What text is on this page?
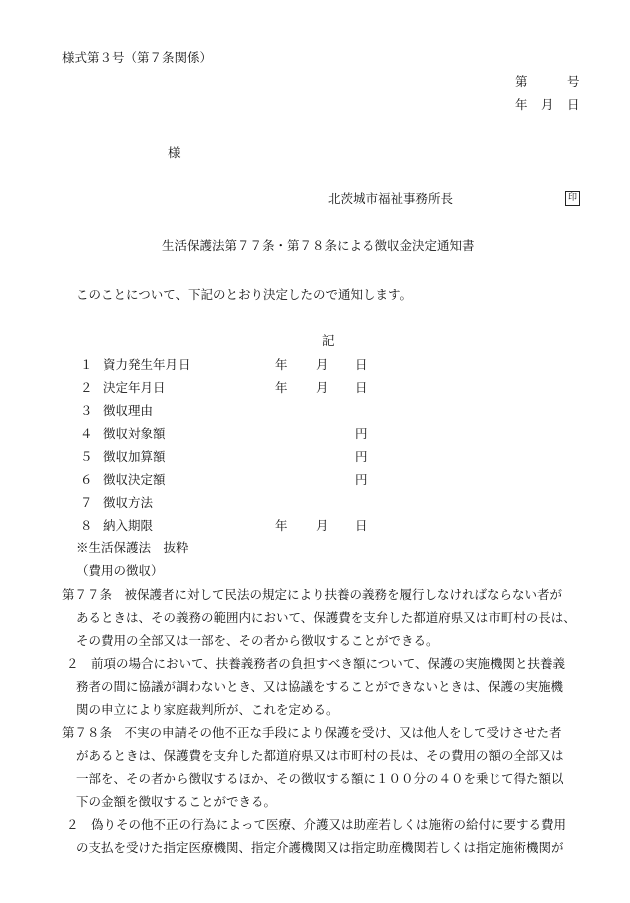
様式第３号（第７条関係）
第	号
年 月 日
様
北茨城市福祉事務所長	印
生活保護法第７７条・第７８条による徴収金決定通知書
このことについて、下記のとおり決定したので通知します。
記
１ 資力発生年月日	年 月 日
２ 決定年月日	年 月 日
３ 徴収理由
４ 徴収対象額	円
５ 徴収加算額	円
６ 徴収決定額	円
７ 徴収方法
８ 納入期限	年 月 日
※生活保護法　抜粋
（費用の徴収）
第７７条　被保護者に対して民法の規定により扶養の義務を履行しなければならない者が
あるときは、その義務の範囲内において、保護費を支弁した都道府県又は市町村の長は、
その費用の全部又は一部を、その者から徴収することができる。
２　前項の場合において、扶養義務者の負担すべき額について、保護の実施機関と扶養義
務者の間に協議が調わないとき、又は協議をすることができないときは、保護の実施機
関の申立により家庭裁判所が、これを定める。
第７８条　不実の申請その他不正な手段により保護を受け、又は他人をして受けさせた者
があるときは、保護費を支弁した都道府県又は市町村の長は、その費用の額の全部又は
一部を、その者から徴収するほか、その徴収する額に１００分の４０を乗じて得た額以
下の金額を徴収することができる。
２　偽りその他不正の行為によって医療、介護又は助産若しくは施術の給付に要する費用
の支払を受けた指定医療機関、指定介護機関又は指定助産機関若しくは指定施術機関が
